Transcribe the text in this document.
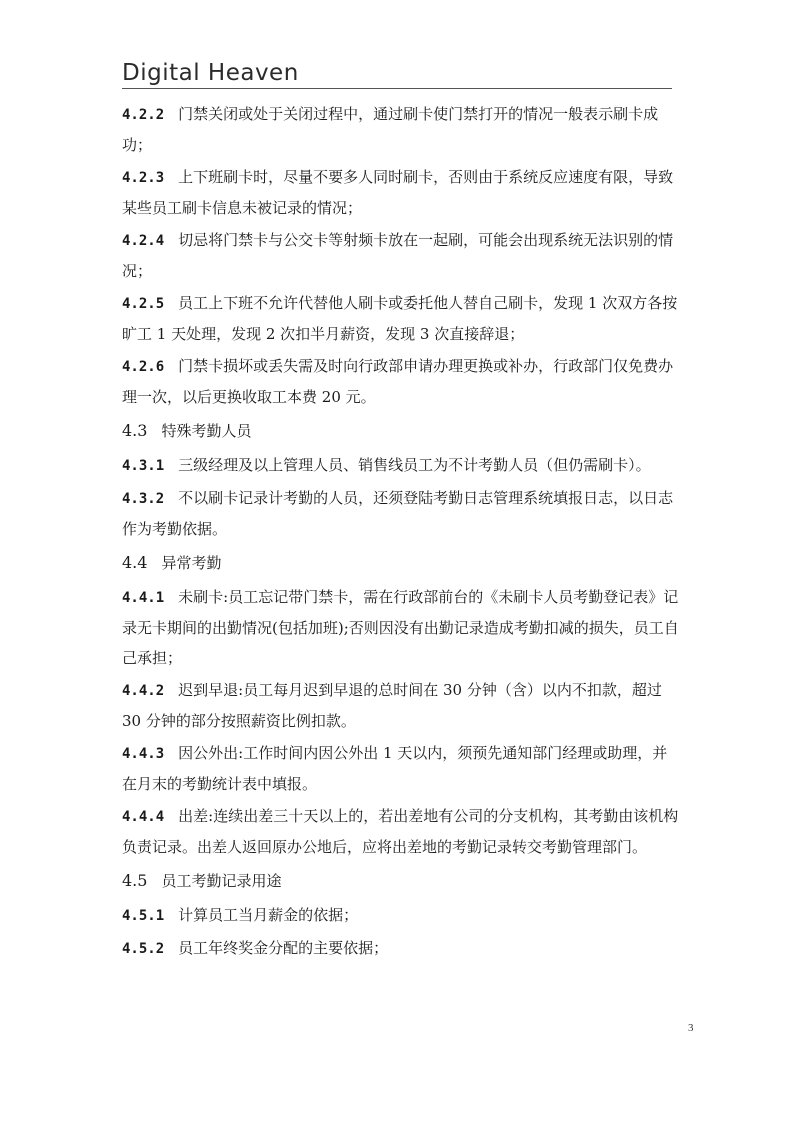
Digital Heaven
4.2.2 门禁关闭或处于关闭过程中，通过刷卡使门禁打开的情况一般表示刷卡成功；
4.2.3 上下班刷卡时，尽量不要多人同时刷卡，否则由于系统反应速度有限，导致某些员工刷卡信息未被记录的情况；
4.2.4 切忌将门禁卡与公交卡等射频卡放在一起刷，可能会出现系统无法识别的情况；
4.2.5 员工上下班不允许代替他人刷卡或委托他人替自己刷卡，发现 1 次双方各按旷工 1 天处理，发现 2 次扣半月薪资，发现 3 次直接辞退；
4.2.6 门禁卡损坏或丢失需及时向行政部申请办理更换或补办，行政部门仅免费办理一次，以后更换收取工本费 20 元。
4.3 特殊考勤人员
4.3.1 三级经理及以上管理人员、销售线员工为不计考勤人员（但仍需刷卡）。
4.3.2 不以刷卡记录计考勤的人员，还须登陆考勤日志管理系统填报日志，以日志作为考勤依据。
4.4 异常考勤
4.4.1 未刷卡:员工忘记带门禁卡，需在行政部前台的《未刷卡人员考勤登记表》记录无卡期间的出勤情况(包括加班);否则因没有出勤记录造成考勤扣减的损失，员工自己承担；
4.4.2 迟到早退:员工每月迟到早退的总时间在 30 分钟（含）以内不扣款，超过 30 分钟的部分按照薪资比例扣款。
4.4.3 因公外出:工作时间内因公外出 1 天以内，须预先通知部门经理或助理，并在月末的考勤统计表中填报。
4.4.4 出差:连续出差三十天以上的，若出差地有公司的分支机构，其考勤由该机构负责记录。出差人返回原办公地后，应将出差地的考勤记录转交考勤管理部门。
4.5 员工考勤记录用途
4.5.1 计算员工当月薪金的依据；
4.5.2 员工年终奖金分配的主要依据；
3
